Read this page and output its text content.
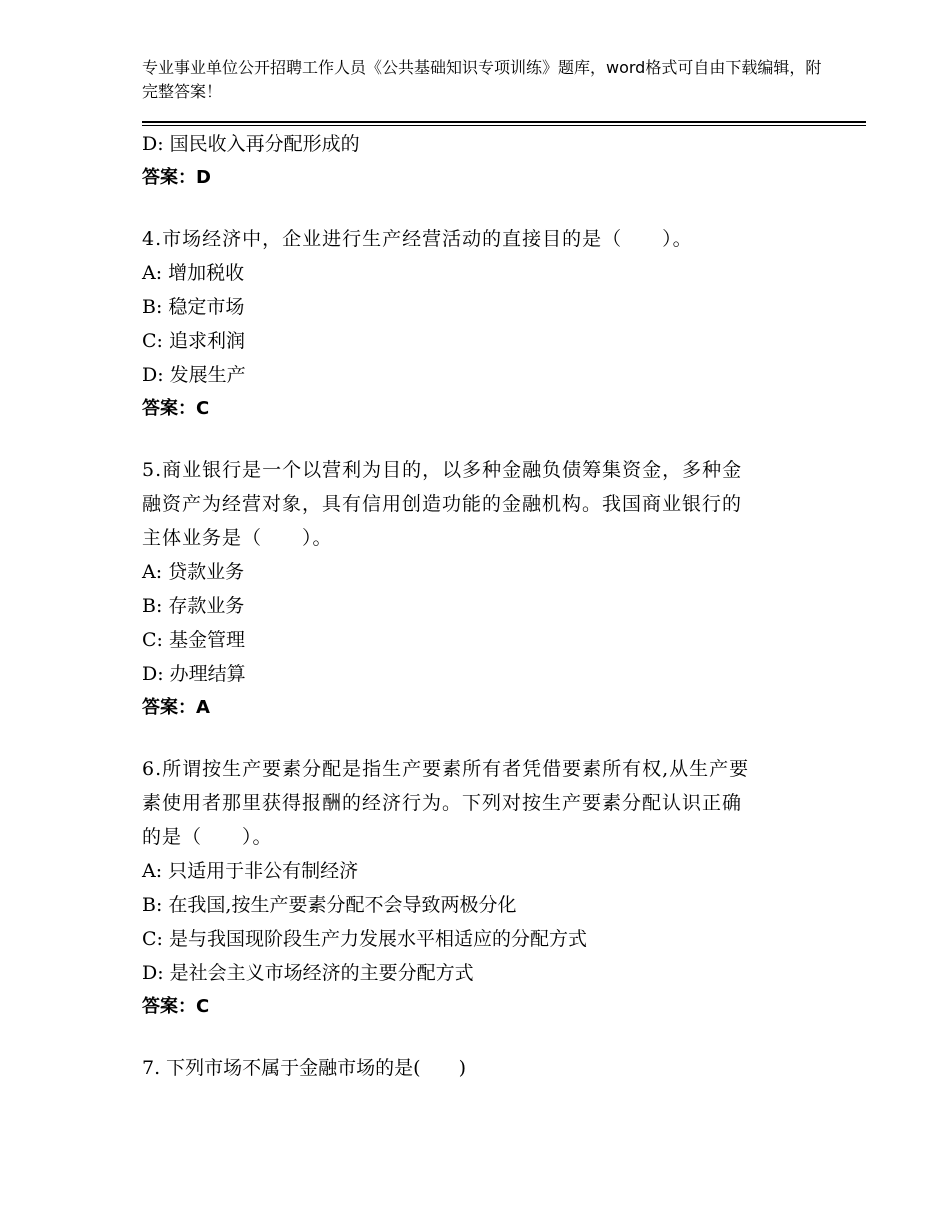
专业事业单位公开招聘工作人员《公共基础知识专项训练》题库，word格式可自由下载编辑，附完整答案！

D: 国民收入再分配形成的

答案：D

4.市场经济中，企业进行生产经营活动的直接目的是（　　）。

A: 增加税收

B: 稳定市场

C: 追求利润

D: 发展生产

答案：C

5.商业银行是一个以营利为目的，以多种金融负债筹集资金，多种金

融资产为经营对象，具有信用创造功能的金融机构。我国商业银行的

主体业务是（　　）。

A: 贷款业务

B: 存款业务

C: 基金管理

D: 办理结算

答案：A

6.所谓按生产要素分配是指生产要素所有者凭借要素所有权,从生产要

素使用者那里获得报酬的经济行为。下列对按生产要素分配认识正确

的是（　　）。

A: 只适用于非公有制经济

B: 在我国,按生产要素分配不会导致两极分化

C: 是与我国现阶段生产力发展水平相适应的分配方式

D: 是社会主义市场经济的主要分配方式

答案：C

7. 下列市场不属于金融市场的是(　　)
